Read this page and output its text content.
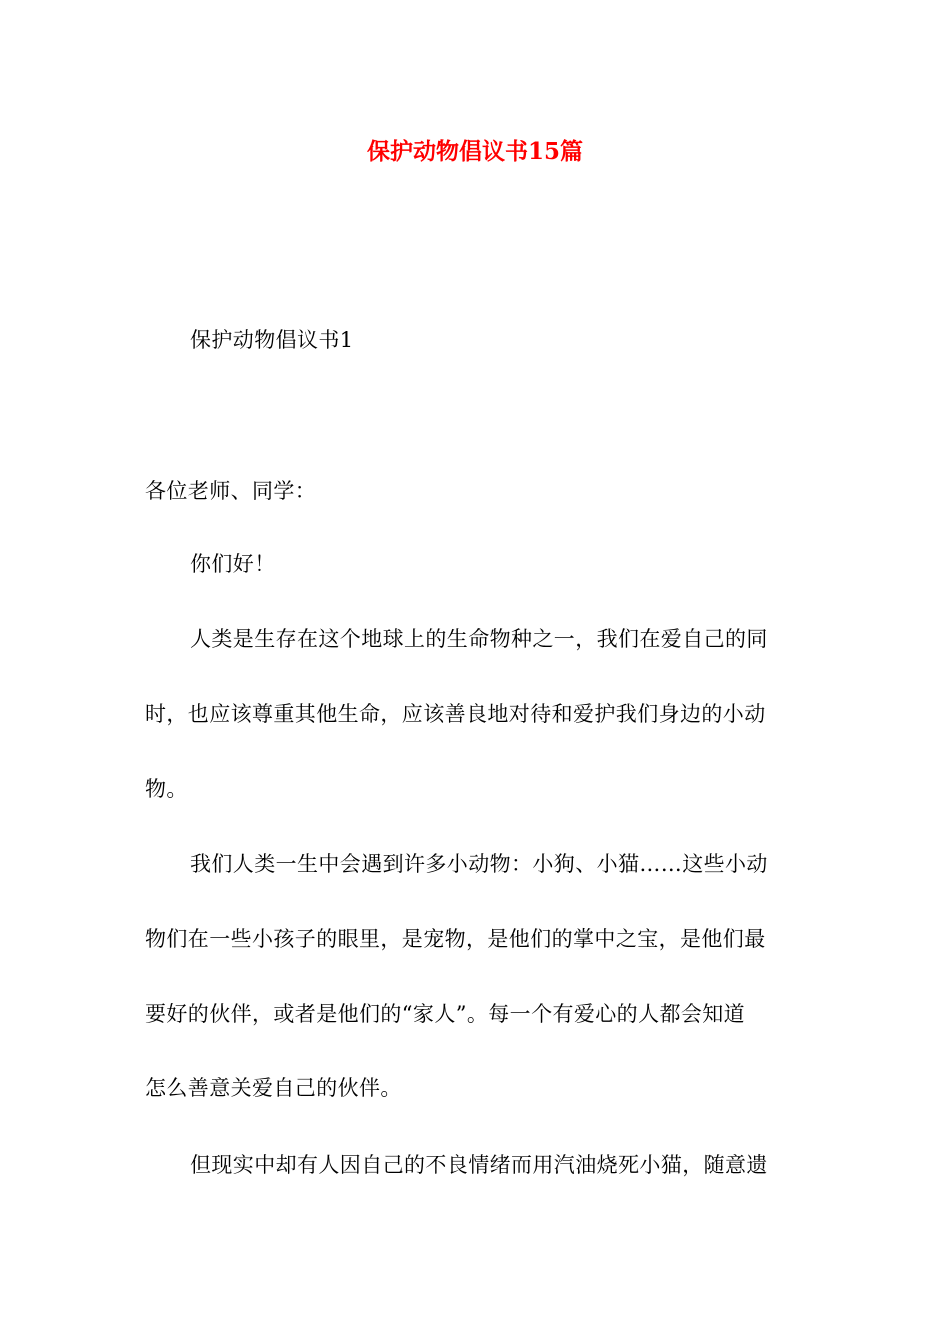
保护动物倡议书15篇

保护动物倡议书1

各位老师、同学：

你们好！

人类是生存在这个地球上的生命物种之一，我们在爱自己的同

时，也应该尊重其他生命，应该善良地对待和爱护我们身边的小动

物。

我们人类一生中会遇到许多小动物：小狗、小猫……这些小动

物们在一些小孩子的眼里，是宠物，是他们的掌中之宝，是他们最

要好的伙伴，或者是他们的“家人”。每一个有爱心的人都会知道

怎么善意关爱自己的伙伴。

但现实中却有人因自己的不良情绪而用汽油烧死小猫，随意遗
